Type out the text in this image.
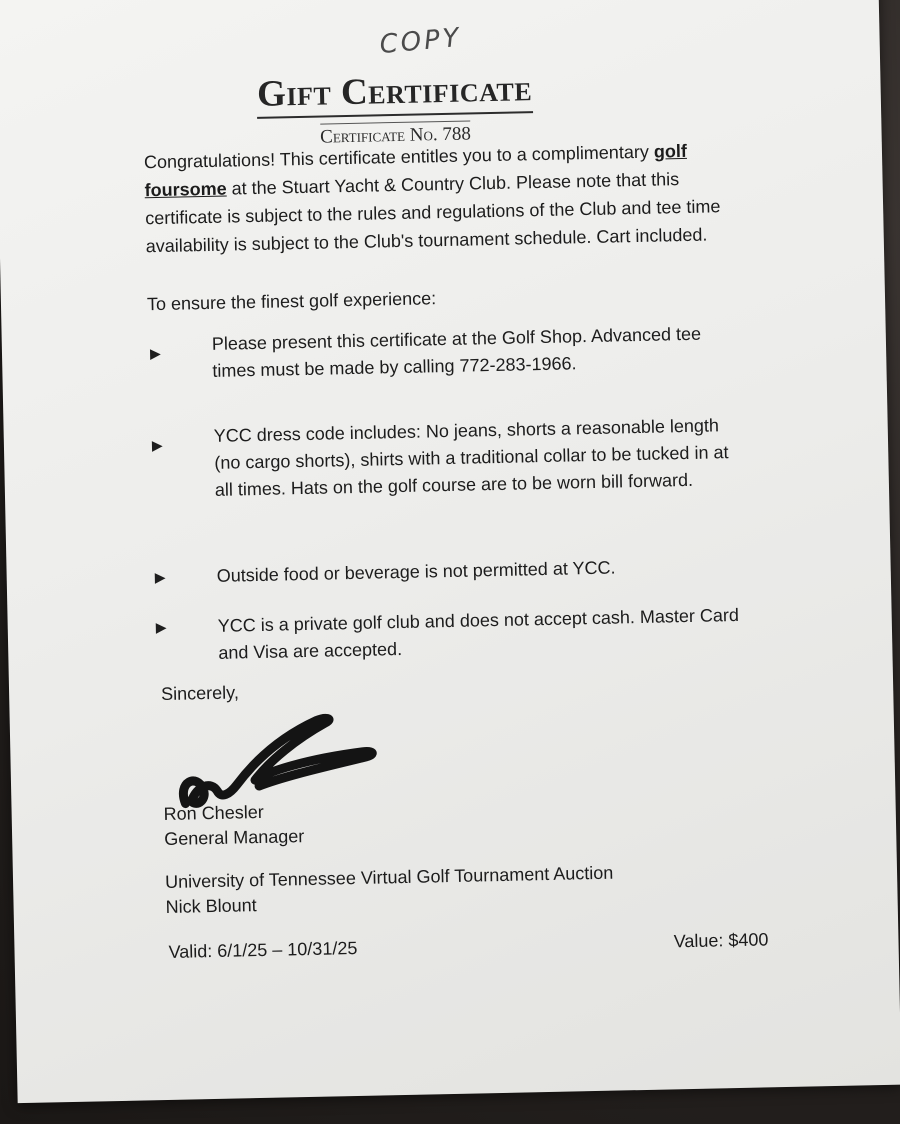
COPY
Gift Certificate
Certificate No. 788

Congratulations! This certificate entitles you to a complimentary golf foursome at the Stuart Yacht & Country Club. Please note that this certificate is subject to the rules and regulations of the Club and tee time availability is subject to the Club's tournament schedule. Cart included.

To ensure the finest golf experience:

▶	Please present this certificate at the Golf Shop. Advanced tee times must be made by calling 772-283-1966.
▶	YCC dress code includes: No jeans, shorts a reasonable length (no cargo shorts), shirts with a traditional collar to be tucked in at all times. Hats on the golf course are to be worn bill forward.
▶	Outside food or beverage is not permitted at YCC.
▶	YCC is a private golf club and does not accept cash. Master Card and Visa are accepted.

Sincerely,

Ron Chesler
General Manager
University of Tennessee Virtual Golf Tournament Auction
Nick Blount
Valid: 6/1/25 – 10/31/25	Value: $400
